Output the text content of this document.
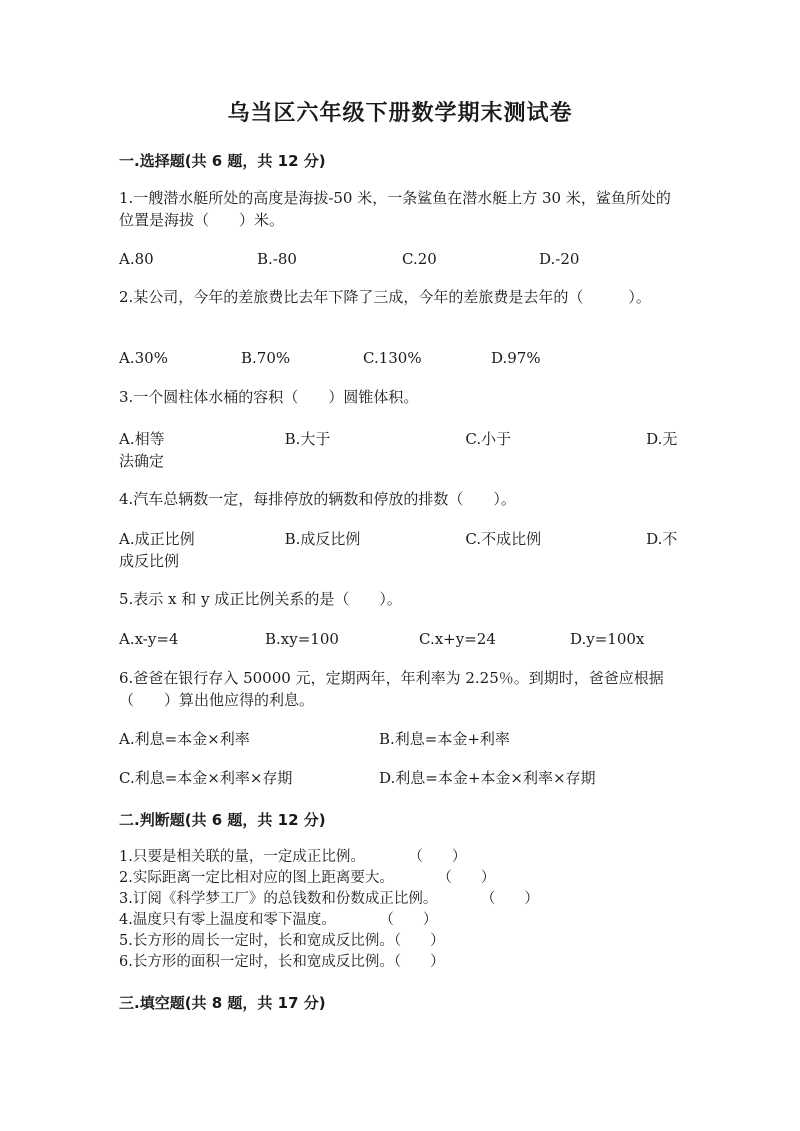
乌当区六年级下册数学期末测试卷
一.选择题(共 6 题，共 12 分)

1.一艘潜水艇所处的高度是海拔-50 米，一条鲨鱼在潜水艇上方 30 米，鲨鱼所处的位置是海拔（　　）米。

A.80	B.-80	C.20	D.-20

2.某公司，今年的差旅费比去年下降了三成，今年的差旅费是去年的（　　　）。

A.30%	B.70%	C.130%	D.97%

3.一个圆柱体水桶的容积（　　）圆锥体积。

A.相等　　　　　　　　B.大于　　　　　　　　　C.小于　　　　　　　　　D.无法确定

4.汽车总辆数一定，每排停放的辆数和停放的排数（　　）。

A.成正比例　　　　　　B.成反比例　　　　　　　C.不成比例　　　　　　　D.不成反比例

5.表示 x 和 y 成正比例关系的是（　　）。

A.x-y=4	B.xy=100	C.x+y=24	D.y=100x

6.爸爸在银行存入 50000 元，定期两年，年利率为 2.25％。到期时，爸爸应根据（　　）算出他应得的利息。

A.利息=本金×利率	B.利息=本金+利率
C.利息=本金×利率×存期	D.利息=本金+本金×利率×存期
二.判断题(共 6 题，共 12 分)

1.只要是相关联的量，一定成正比例。　　　　（　　）

2.实际距离一定比相对应的图上距离要大。　　　　（　　）

3.订阅《科学梦工厂》的总钱数和份数成正比例。　　　　（　　）

4.温度只有零上温度和零下温度。　　　　（　　）

5.长方形的周长一定时，长和宽成反比例。（　　）

6.长方形的面积一定时，长和宽成反比例。（　　）

三.填空题(共 8 题，共 17 分)
